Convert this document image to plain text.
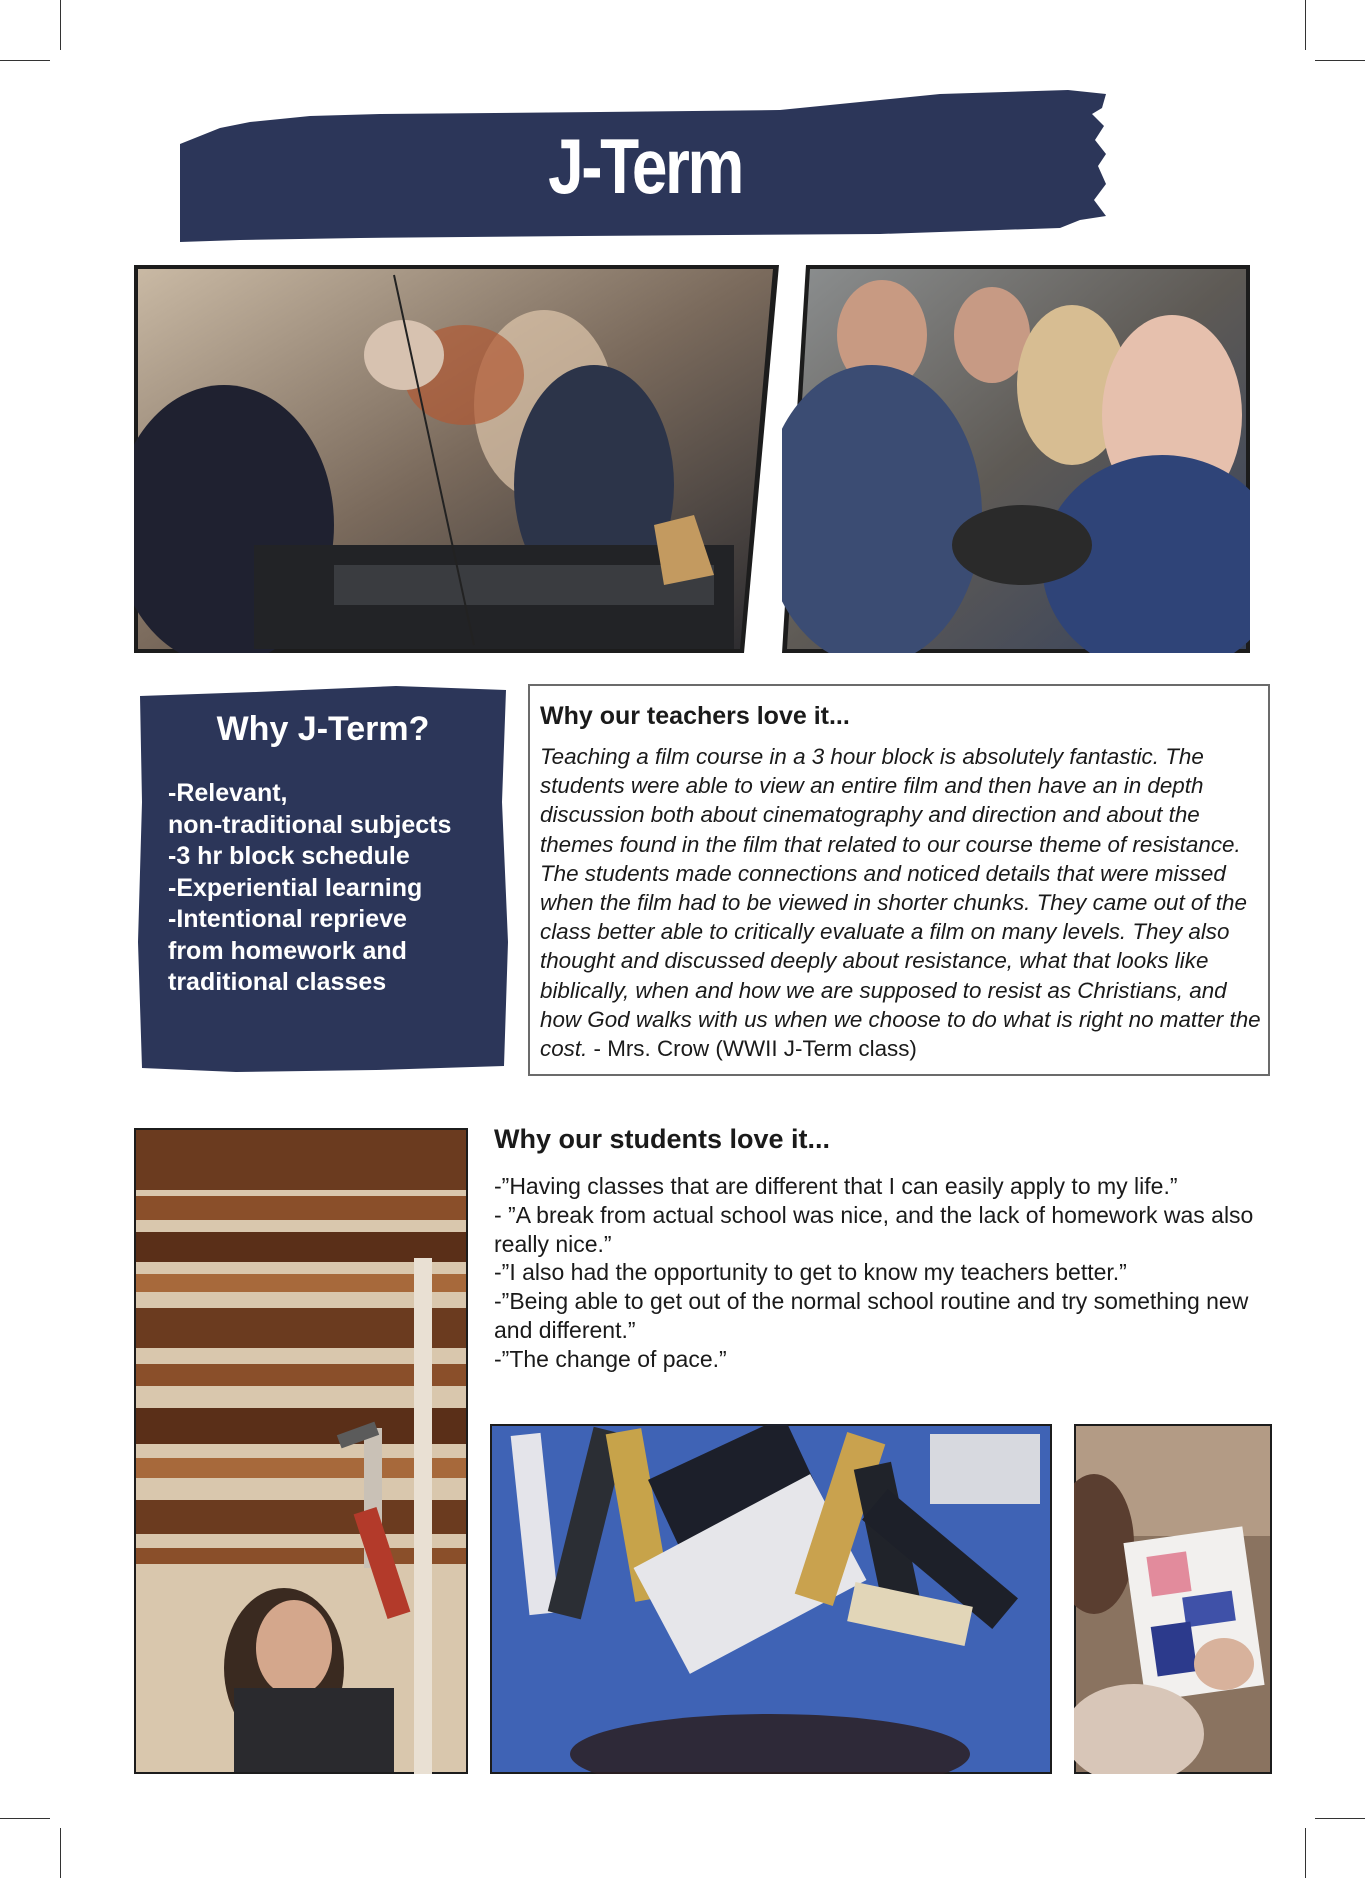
J-Term
Why J-Term?
-Relevant,
non-traditional subjects
-3 hr block schedule
-Experiential learning
-Intentional reprieve
from homework and
traditional classes
Why our teachers love it...

Teaching a film course in a 3 hour block is absolutely fantastic. The students were able to view an entire film and then have an in depth discussion both about cinematography and direction and about the themes found in the film that related to our course theme of resistance. The students made connections and noticed details that were missed when the film had to be viewed in shorter chunks. They came out of the class better able to critically evaluate a film on many levels. They also thought and discussed deeply about resistance, what that looks like biblically, when and how we are supposed to resist as Christians, and how God walks with us when we choose to do what is right no matter the cost. - Mrs. Crow (WWII J-Term class)

Why our students love it...
-”Having classes that are different that I can easily apply to my life.”
- ”A break from actual school was nice, and the lack of homework was also really nice.”
-”I also had the opportunity to get to know my teachers better.”
-”Being able to get out of the normal school routine and try something new and different.”
-”The change of pace.”
